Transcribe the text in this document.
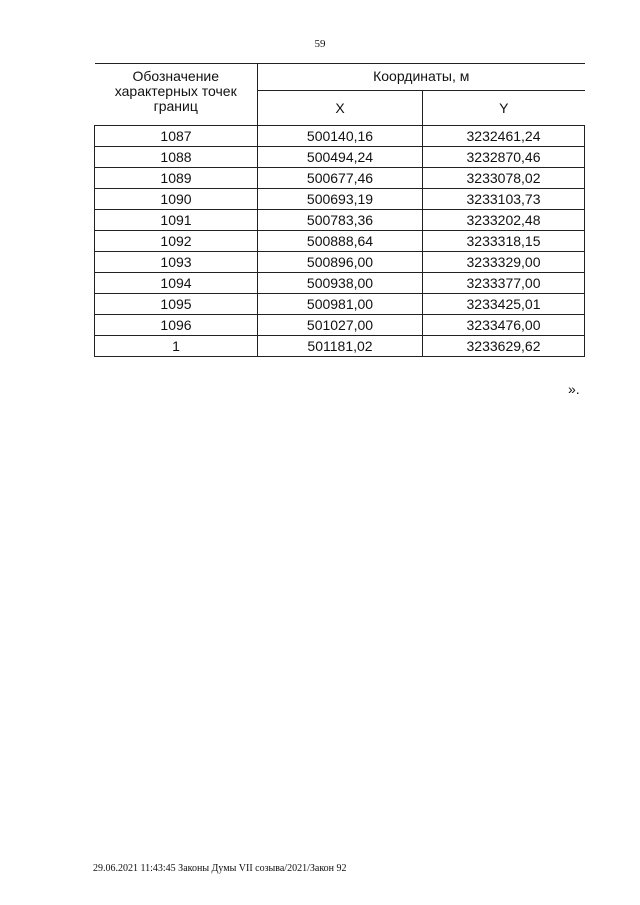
59
Обозначение характерных точек границ	Координаты, м	
	X	Y
1087	500140,16	3232461,24
1088	500494,24	3232870,46
1089	500677,46	3233078,02
1090	500693,19	3233103,73
1091	500783,36	3233202,48
1092	500888,64	3233318,15
1093	500896,00	3233329,00
1094	500938,00	3233377,00
1095	500981,00	3233425,01
1096	501027,00	3233476,00
1	501181,02	3233629,62
».
29.06.2021 11:43:45 Законы Думы VII созыва/2021/Закон 92
